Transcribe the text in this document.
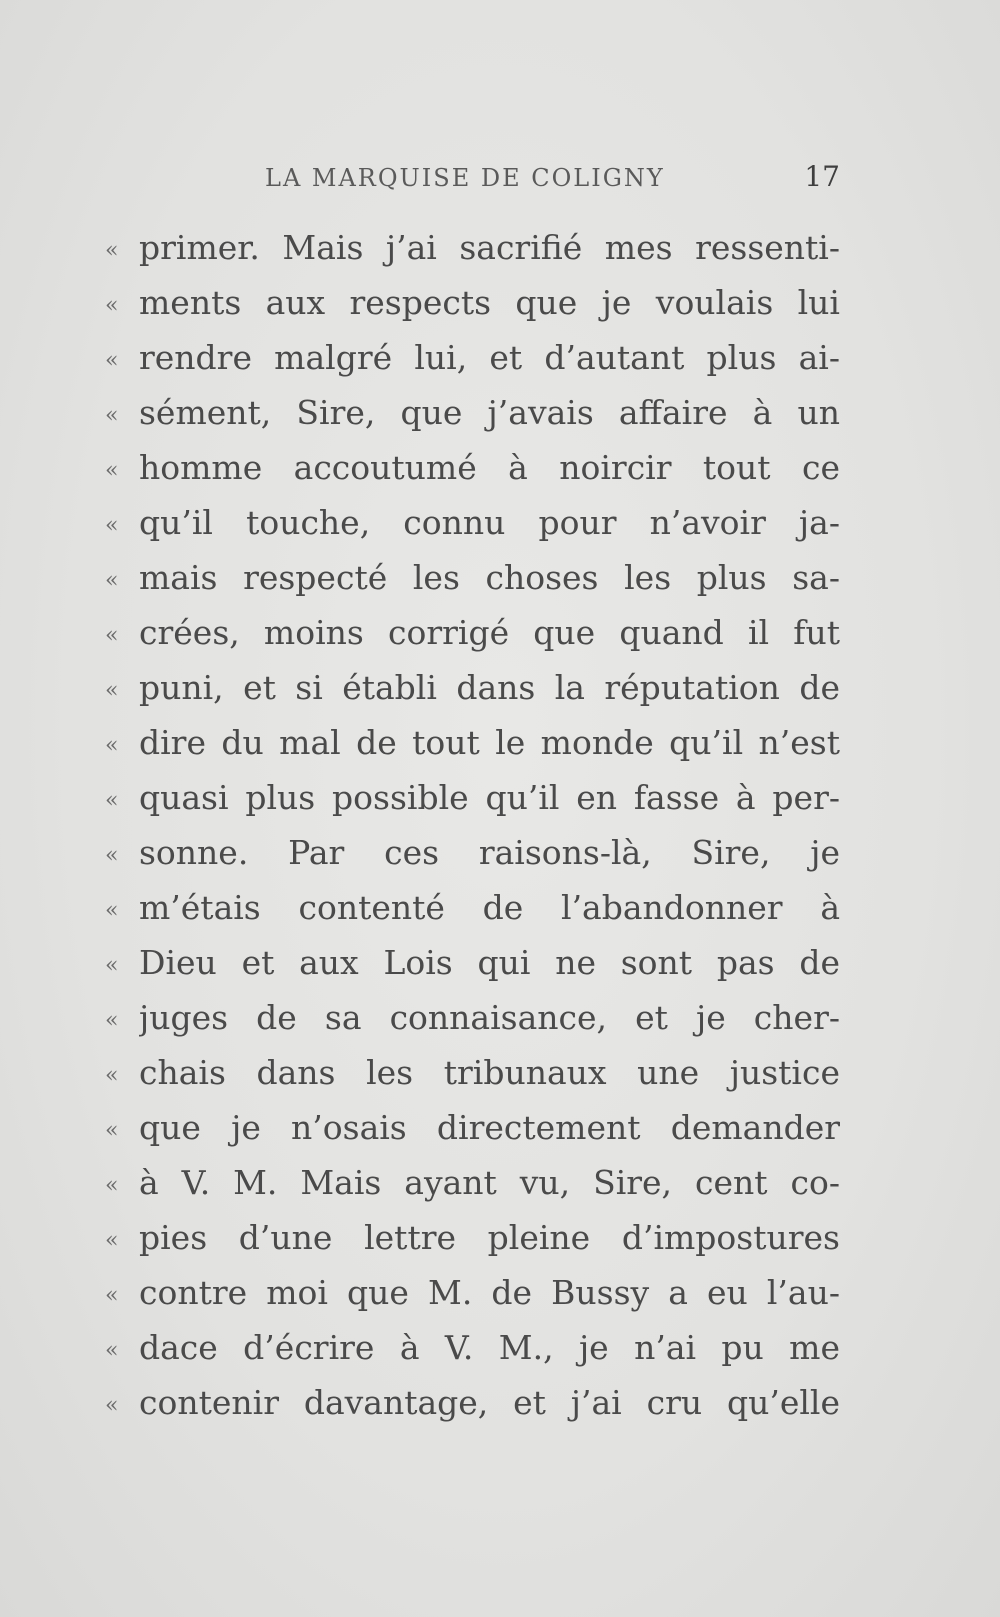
LA MARQUISE DE COLIGNY	17
« primer. Mais j’ai sacrifié mes ressenti-
« ments aux respects que je voulais lui
« rendre malgré lui, et d’autant plus ai-
« sément, Sire, que j’avais affaire à un
« homme accoutumé à noircir tout ce
« qu’il touche, connu pour n’avoir ja-
« mais respecté les choses les plus sa-
« crées, moins corrigé que quand il fut
« puni, et si établi dans la réputation de
« dire du mal de tout le monde qu’il n’est
« quasi plus possible qu’il en fasse à per-
« sonne. Par ces raisons-là, Sire, je
« m’étais contenté de l’abandonner à
« Dieu et aux Lois qui ne sont pas de
« juges de sa connaisance, et je cher-
« chais dans les tribunaux une justice
« que je n’osais directement demander
« à V. M. Mais ayant vu, Sire, cent co-
« pies d’une lettre pleine d’impostures
« contre moi que M. de Bussy a eu l’au-
« dace d’écrire à V. M., je n’ai pu me
« contenir davantage, et j’ai cru qu’elle
